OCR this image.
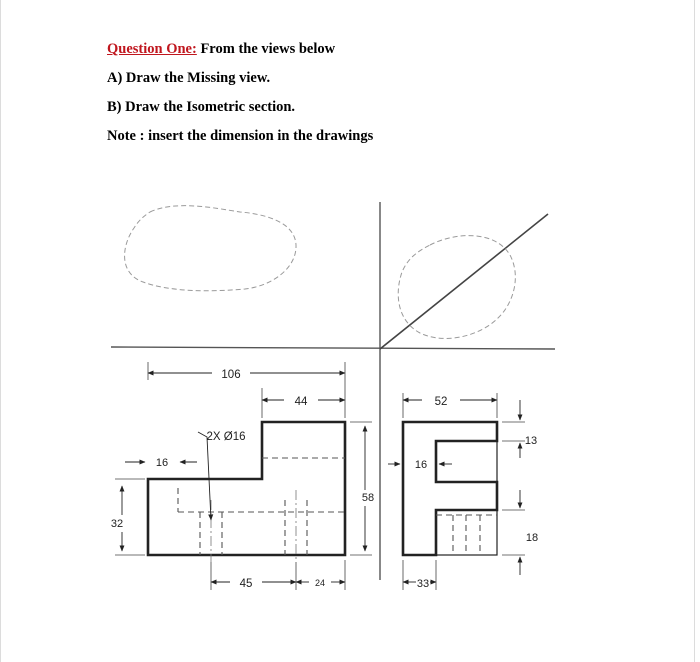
Question One: From the views below
A) Draw the Missing view.
B) Draw the Isometric section.
Note : insert the dimension in the drawings
106
44	52
2X Ø16
16	16
13
58
32
18
45	24	33
